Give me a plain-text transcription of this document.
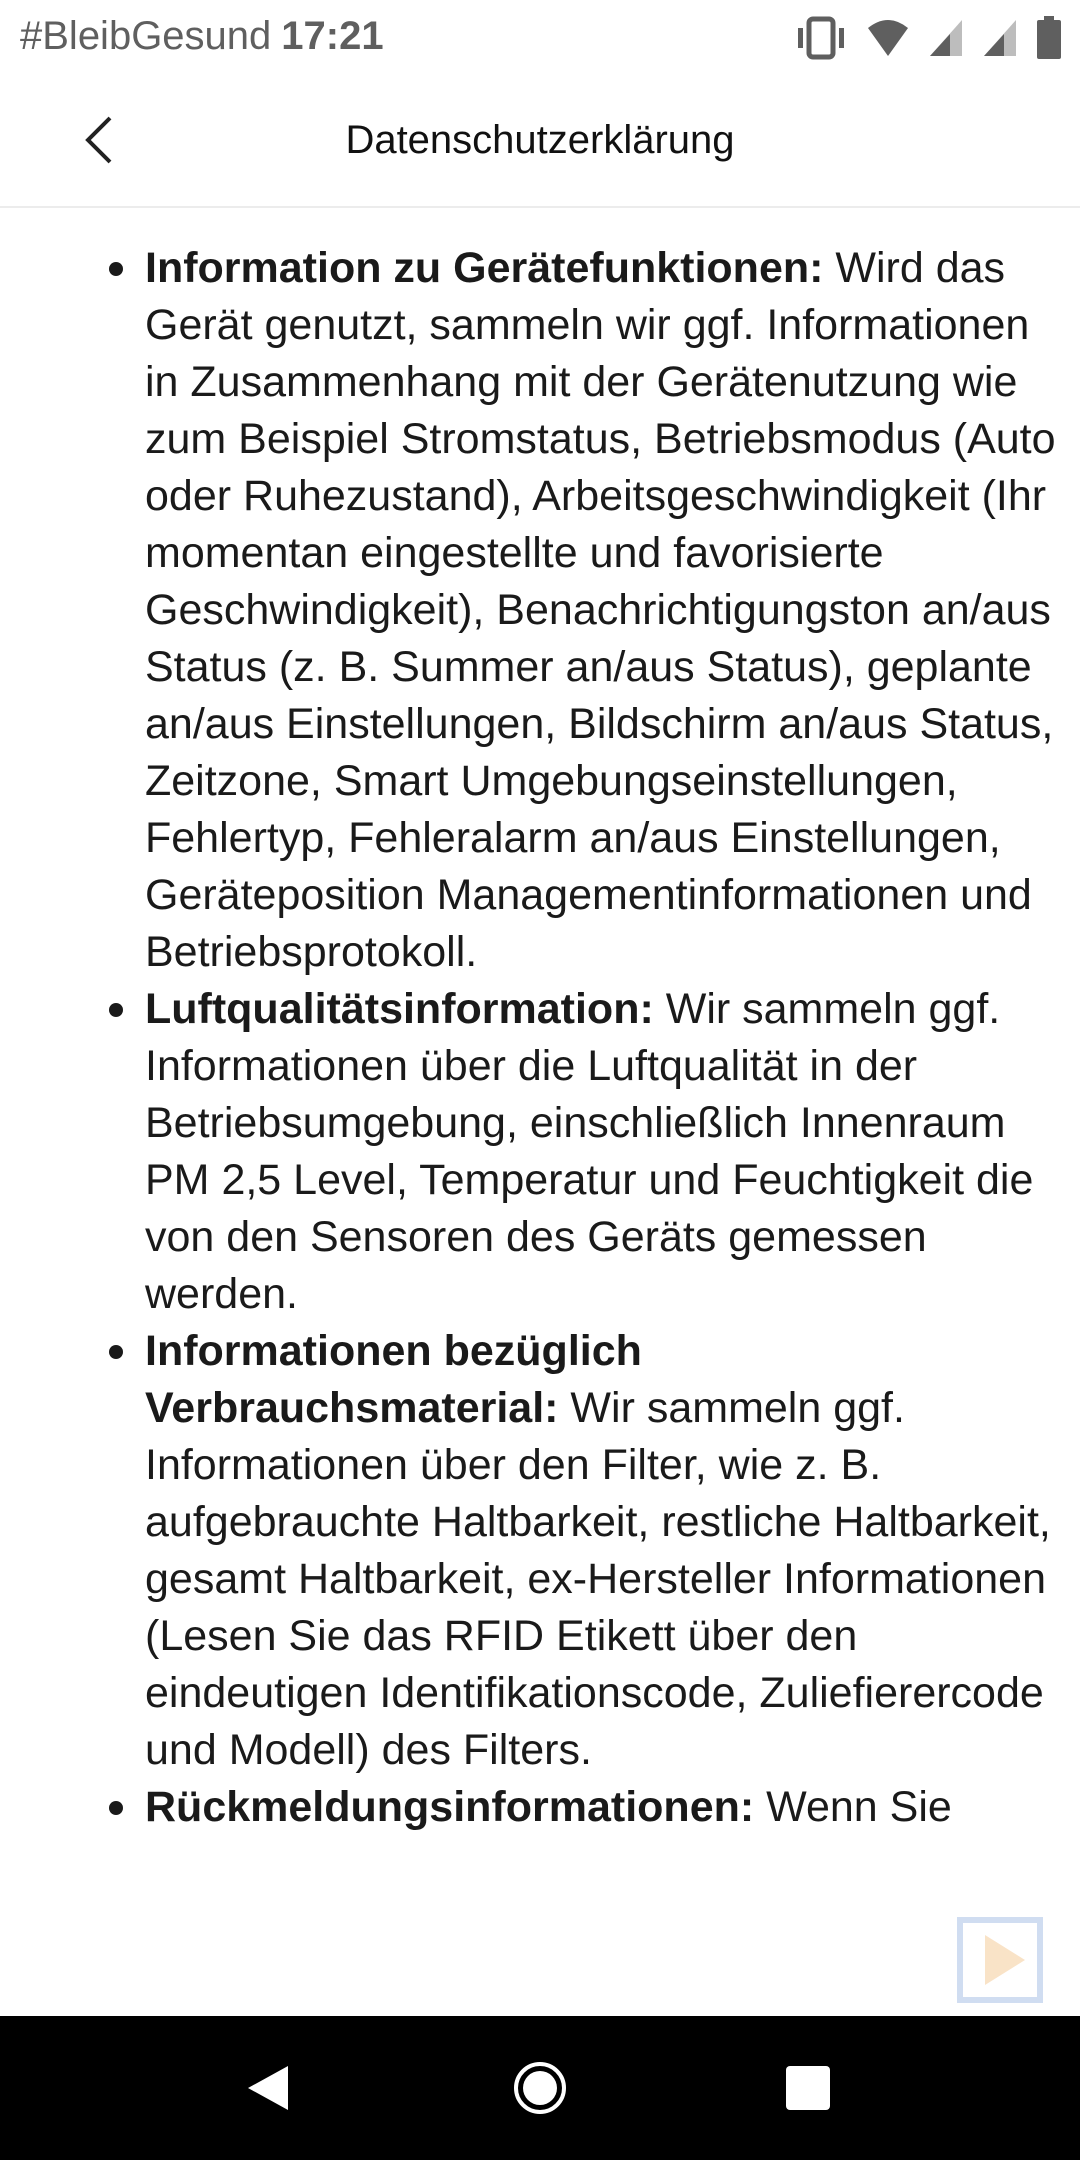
#BleibGesund 17:21
Datenschutzerklärung
Information zu Gerätefunktionen: Wird das Gerät genutzt, sammeln wir ggf. Informationen in Zusammenhang mit der Gerätenutzung wie zum Beispiel Stromstatus, Betriebsmodus (Auto oder Ruhezustand), Arbeitsgeschwindigkeit (Ihr momentan eingestellte und favorisierte Geschwindigkeit), Benachrichtigungston an/aus Status (z. B. Summer an/aus Status), geplante an/aus Einstellungen, Bildschirm an/aus Status, Zeitzone, Smart Umgebungseinstellungen, Fehlertyp, Fehleralarm an/aus Einstellungen, Geräteposition Managementinformationen und Betriebsprotokoll.
Luftqualitätsinformation: Wir sammeln ggf. Informationen über die Luftqualität in der Betriebsumgebung, einschließlich Innenraum PM 2,5 Level, Temperatur und Feuchtigkeit die von den Sensoren des Geräts gemessen werden.
Informationen bezüglich Verbrauchsmaterial: Wir sammeln ggf. Informationen über den Filter, wie z. B. aufgebrauchte Haltbarkeit, restliche Haltbarkeit, gesamt Haltbarkeit, ex-Hersteller Informationen (Lesen Sie das RFID Etikett über den eindeutigen Identifikationscode, Zuliefierercode und Modell) des Filters.
Rückmeldungsinformationen: Wenn Sie
